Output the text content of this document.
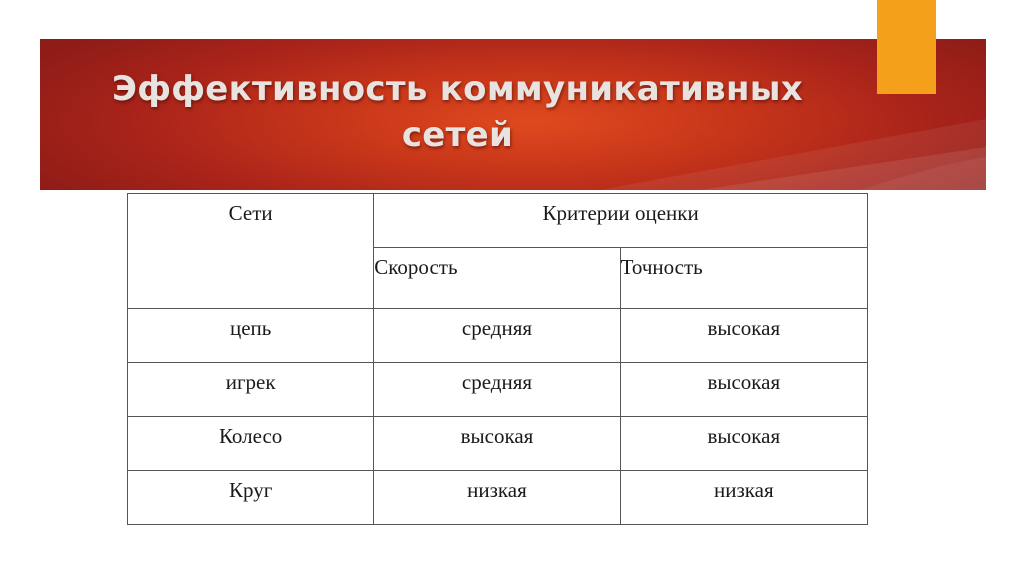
Эффективность коммуникативных
сетей
Сети	Критерии оценки	

	Скорость	Точность

цепь	средняя	высокая

игрек	средняя	высокая

Колесо	высокая	высокая

Круг	низкая	низкая
